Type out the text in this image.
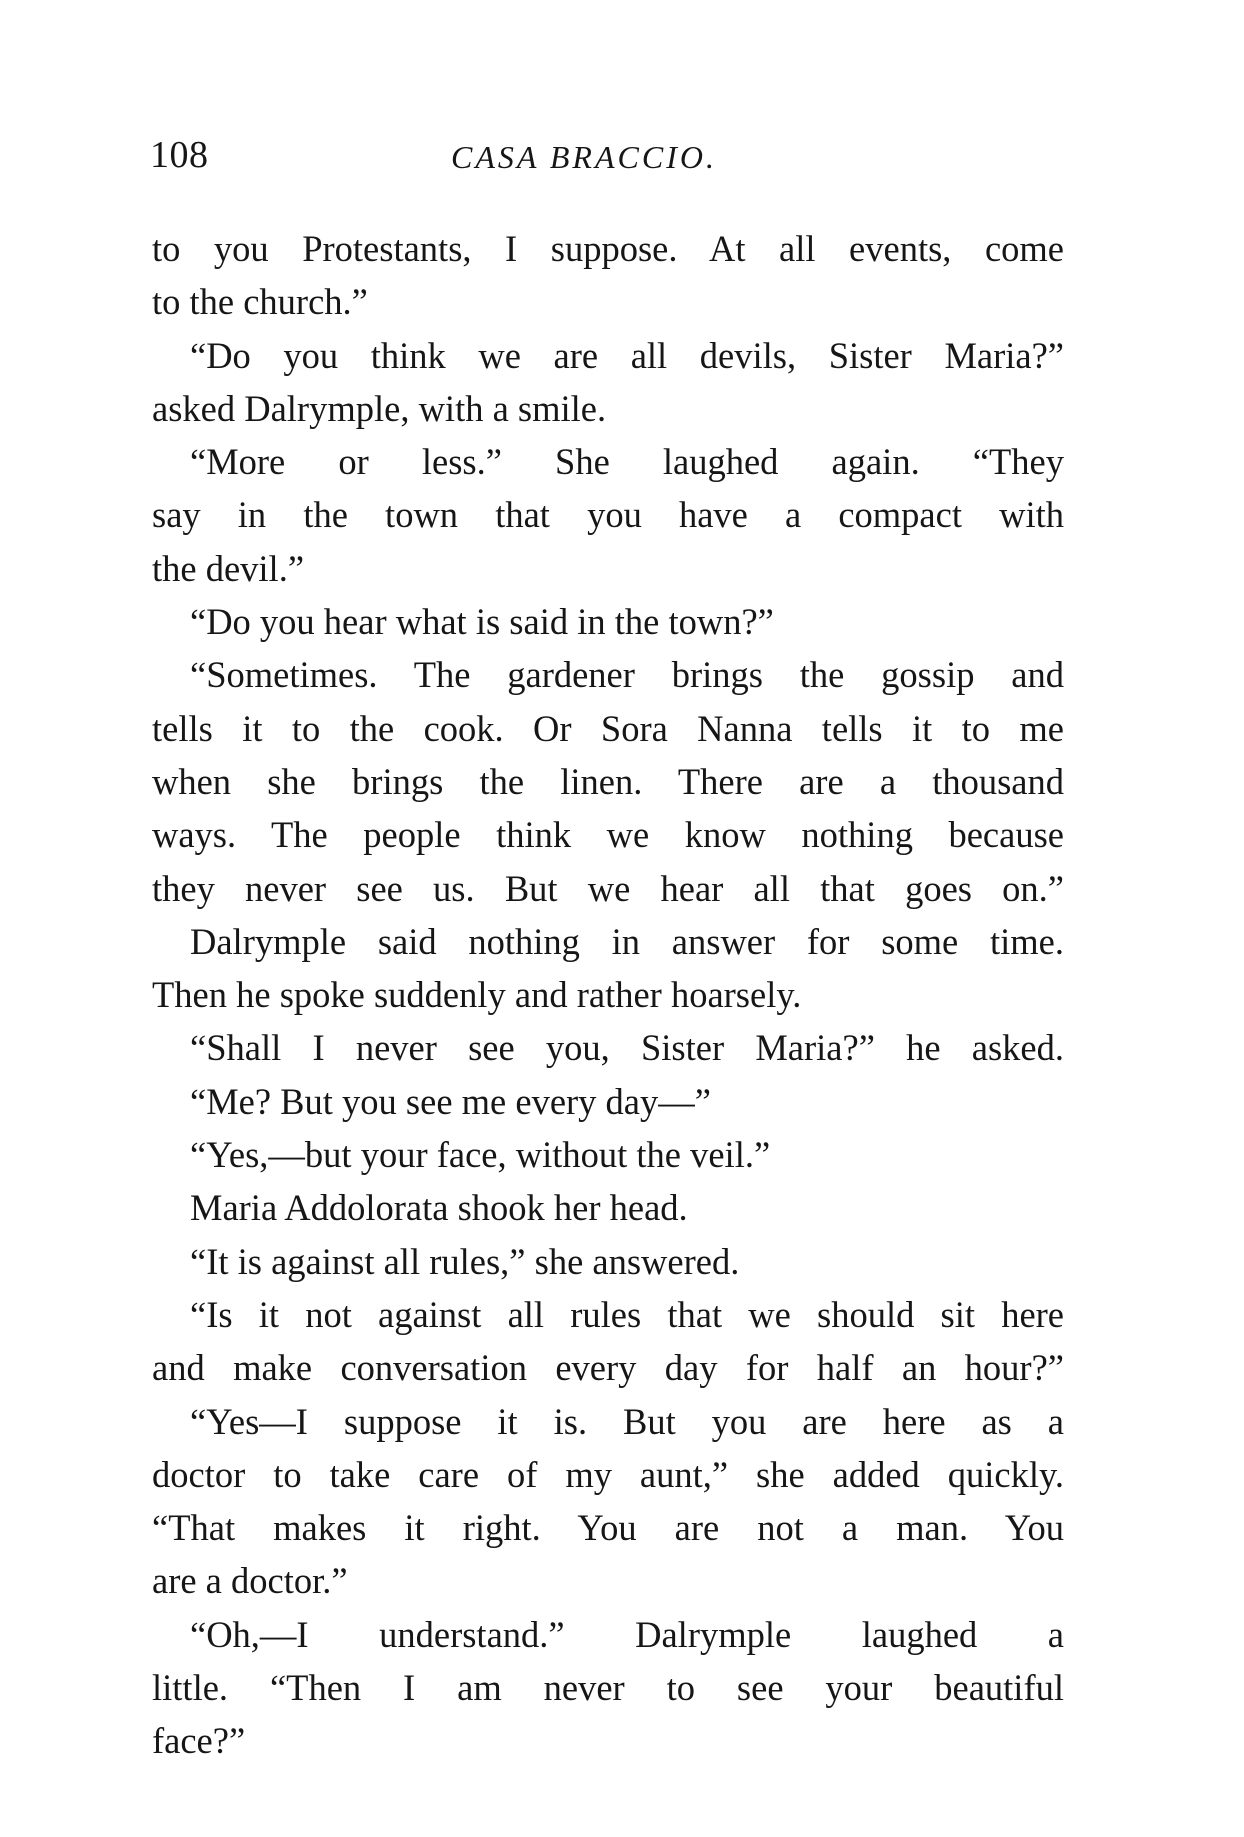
108	CASA BRACCIO.
to you Protestants, I suppose. At all events, come
to the church.”
“Do you think we are all devils, Sister Maria?”
asked Dalrymple, with a smile.
“More or less.” She laughed again. “They
say in the town that you have a compact with
the devil.”
“Do you hear what is said in the town?”
“Sometimes. The gardener brings the gossip and
tells it to the cook. Or Sora Nanna tells it to me
when she brings the linen. There are a thousand
ways. The people think we know nothing because
they never see us. But we hear all that goes on.”
Dalrymple said nothing in answer for some time.
Then he spoke suddenly and rather hoarsely.
“Shall I never see you, Sister Maria?” he asked.
“Me? But you see me every day—”
“Yes,—but your face, without the veil.”
Maria Addolorata shook her head.
“It is against all rules,” she answered.
“Is it not against all rules that we should sit here
and make conversation every day for half an hour?”
“Yes—I suppose it is. But you are here as a
doctor to take care of my aunt,” she added quickly.
“That makes it right. You are not a man. You
are a doctor.”
“Oh,—I understand.” Dalrymple laughed a
little. “Then I am never to see your beautiful
face?”
